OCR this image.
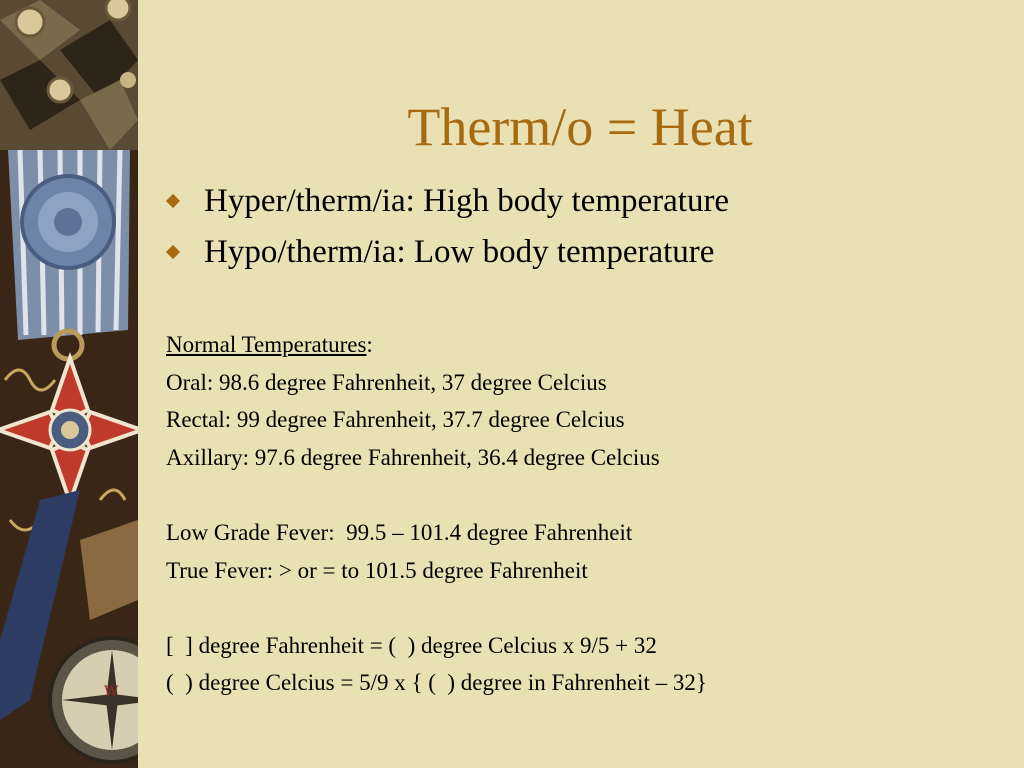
W
Therm/o = Heat
Hyper/therm/ia: High body temperature
Hypo/therm/ia: Low body temperature
Normal Temperatures:
Oral: 98.6 degree Fahrenheit, 37 degree Celcius
Rectal: 99 degree Fahrenheit, 37.7 degree Celcius
Axillary: 97.6 degree Fahrenheit, 36.4 degree Celcius
Low Grade Fever:  99.5 – 101.4 degree Fahrenheit
True Fever: > or = to 101.5 degree Fahrenheit
[  ] degree Fahrenheit = (  ) degree Celcius x 9/5 + 32
(  ) degree Celcius = 5/9 x { (  ) degree in Fahrenheit – 32}
